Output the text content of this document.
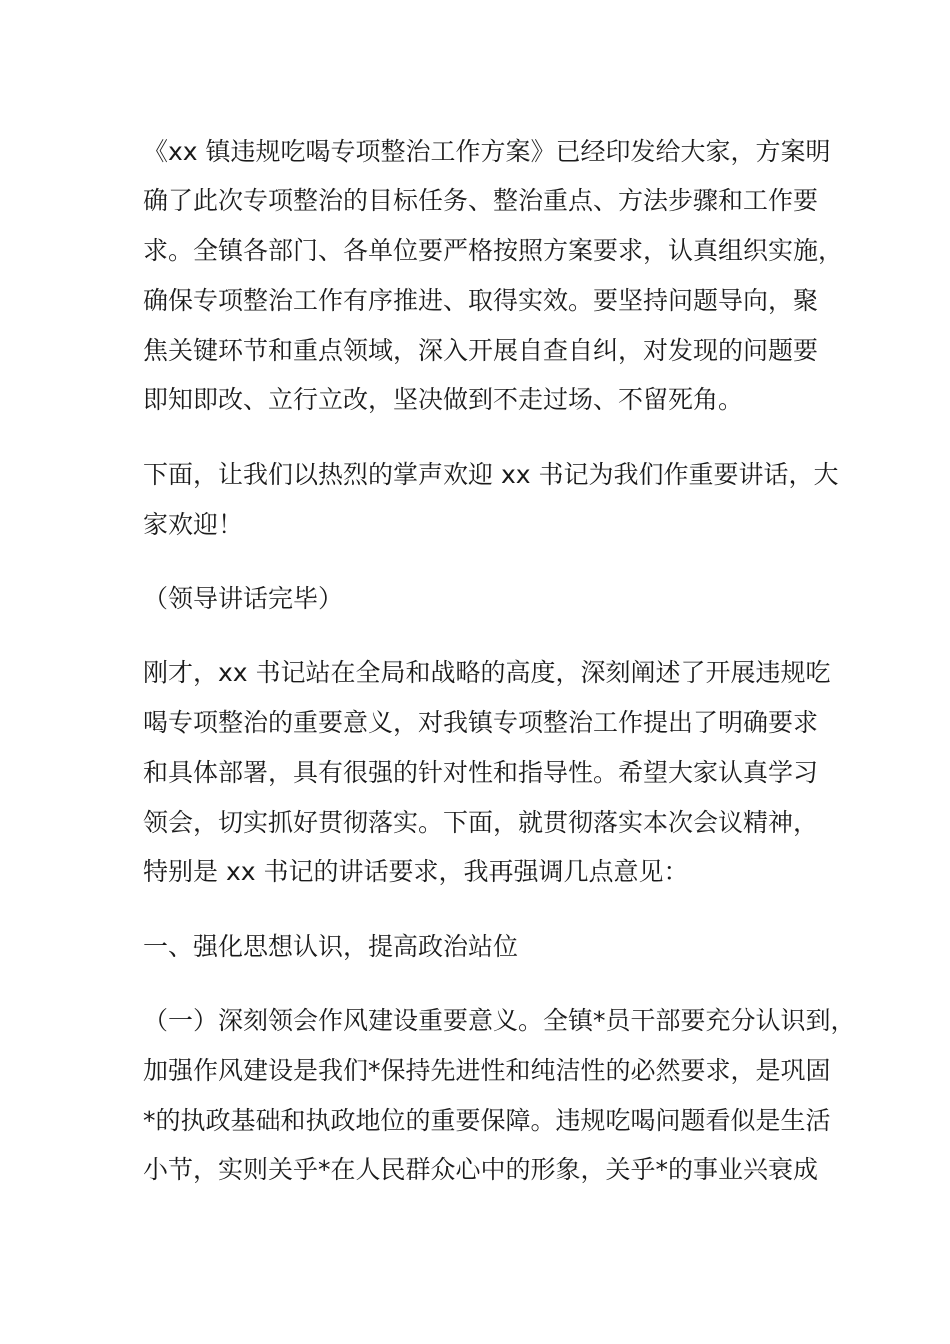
《xx 镇违规吃喝专项整治工作方案》已经印发给大家，方案明
确了此次专项整治的目标任务、整治重点、方法步骤和工作要
求。全镇各部门、各单位要严格按照方案要求，认真组织实施，
确保专项整治工作有序推进、取得实效。要坚持问题导向，聚
焦关键环节和重点领域，深入开展自查自纠，对发现的问题要
即知即改、立行立改，坚决做到不走过场、不留死角。
下面，让我们以热烈的掌声欢迎 xx 书记为我们作重要讲话，大
家欢迎！
（领导讲话完毕）
刚才，xx 书记站在全局和战略的高度，深刻阐述了开展违规吃
喝专项整治的重要意义，对我镇专项整治工作提出了明确要求
和具体部署，具有很强的针对性和指导性。希望大家认真学习
领会，切实抓好贯彻落实。下面，就贯彻落实本次会议精神，
特别是 xx 书记的讲话要求，我再强调几点意见：
一、强化思想认识，提高政治站位
（一）深刻领会作风建设重要意义。全镇*员干部要充分认识到，
加强作风建设是我们*保持先进性和纯洁性的必然要求，是巩固
*的执政基础和执政地位的重要保障。违规吃喝问题看似是生活
小节，实则关乎*在人民群众心中的形象，关乎*的事业兴衰成
